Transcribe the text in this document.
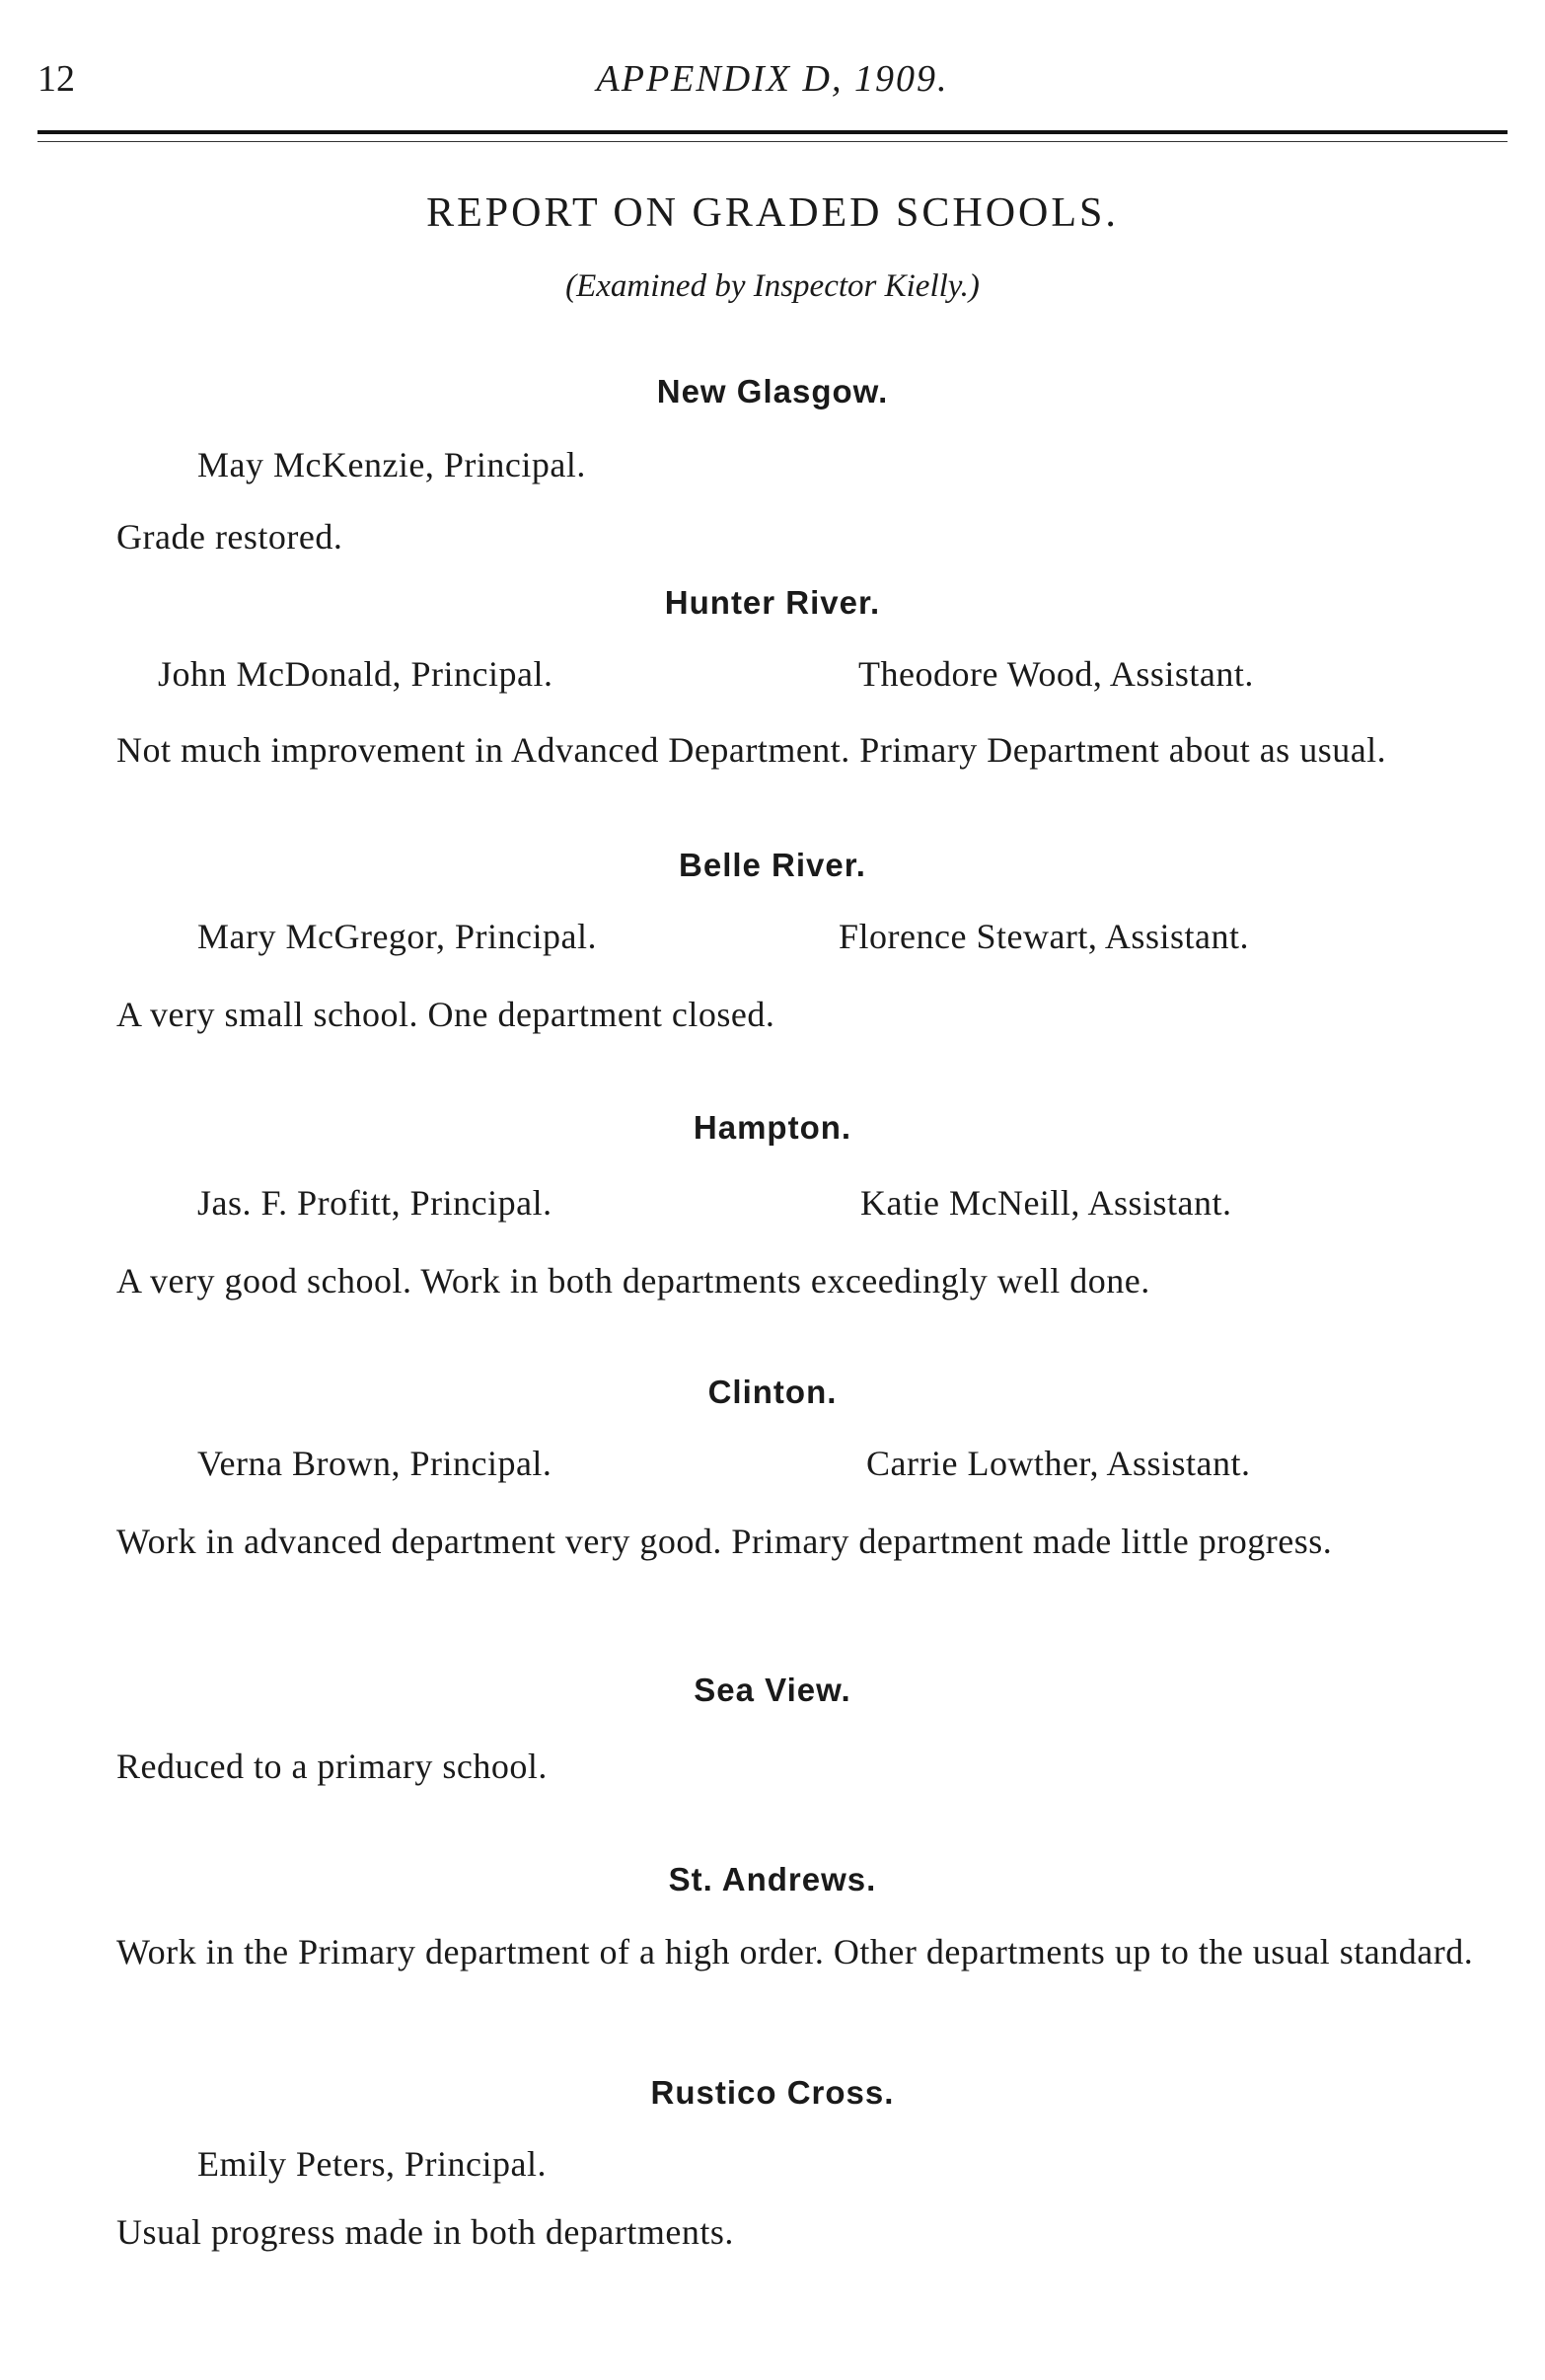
12	APPENDIX D, 1909.
REPORT ON GRADED SCHOOLS.
(Examined by Inspector Kielly.)
New Glasgow.
May McKenzie, Principal.
Grade restored.
Hunter River.
John McDonald, Principal.	Theodore Wood, Assistant.
Not much improvement in Advanced Department. Primary Department about as usual.
Belle River.
Mary McGregor, Principal.	Florence Stewart, Assistant.
A very small school. One department closed.
Hampton.
Jas. F. Profitt, Principal.	Katie McNeill, Assistant.
A very good school. Work in both departments exceedingly well done.
Clinton.
Verna Brown, Principal.	Carrie Lowther, Assistant.
Work in advanced department very good. Primary department made little progress.
Sea View.
Reduced to a primary school.
St. Andrews.
Work in the Primary department of a high order. Other departments up to the usual standard.
Rustico Cross.
Emily Peters, Principal.
Usual progress made in both departments.
